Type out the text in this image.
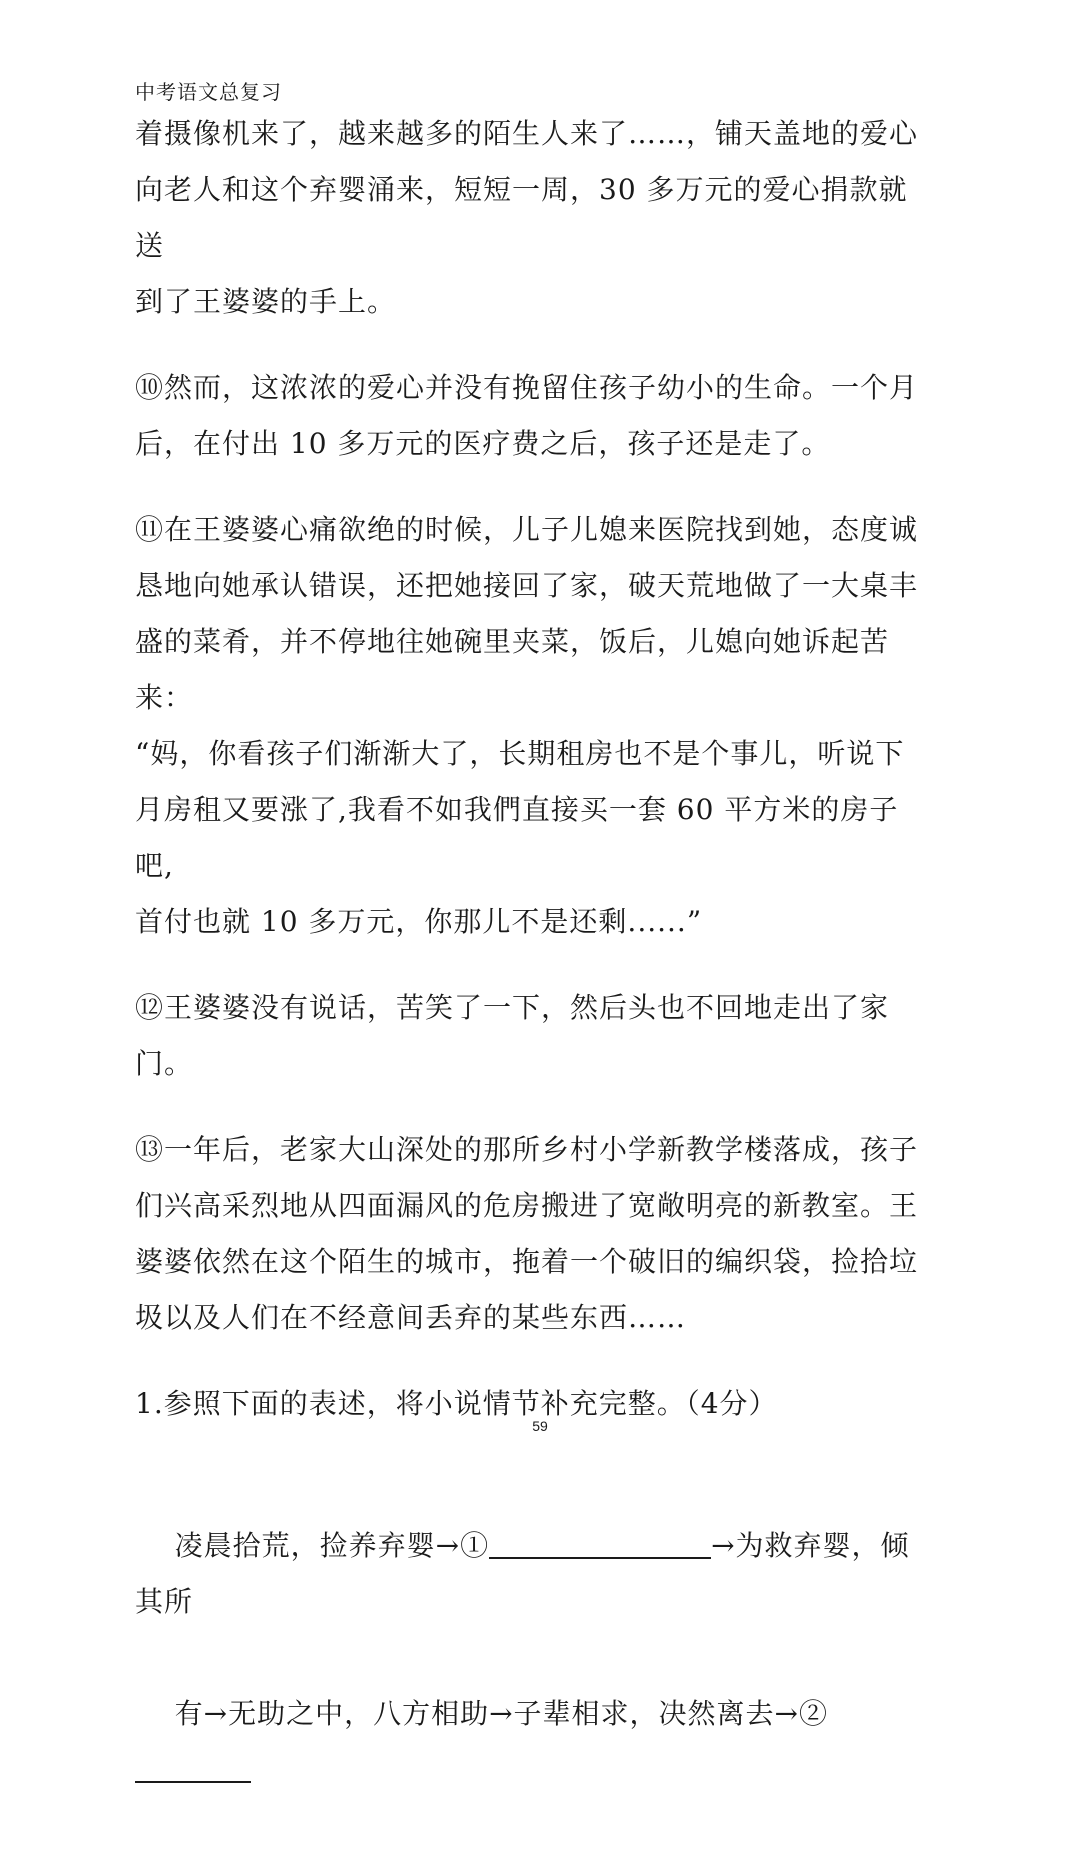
中考语文总复习

着摄像机来了，越来越多的陌生人来了……，铺天盖地的爱心
向老人和这个弃婴涌来，短短一周，30 多万元的爱心捐款就送
到了王婆婆的手上。

⑩然而，这浓浓的爱心并没有挽留住孩子幼小的生命。一个月
后，在付出 10 多万元的医疗费之后，孩子还是走了。

⑪在王婆婆心痛欲绝的时候，儿子儿媳来医院找到她，态度诚
恳地向她承认错误，还把她接回了家，破天荒地做了一大桌丰
盛的菜肴，并不停地往她碗里夹菜，饭后，儿媳向她诉起苦来：
“妈，你看孩子们渐渐大了，长期租房也不是个事儿，听说下
月房租又要涨了,我看不如我們直接买一套 60 平方米的房子吧,
首付也就 10 多万元，你那儿不是还剩......”

⑫王婆婆没有说话，苦笑了一下，然后头也不回地走出了家门。

⑬一年后，老家大山深处的那所乡村小学新教学楼落成，孩子
们兴高采烈地从四面漏风的危房搬进了宽敞明亮的新教室。王
婆婆依然在这个陌生的城市，拖着一个破旧的编织袋，捡拾垃
圾以及人们在不经意间丢弃的某些东西……

1.参照下面的表述，将小说情节补充完整。（4分）

凌晨拾荒，捡养弃婴→①	→为救弃婴，倾其所

有→无助之中，八方相助→子辈相求，决然离去→②

59
